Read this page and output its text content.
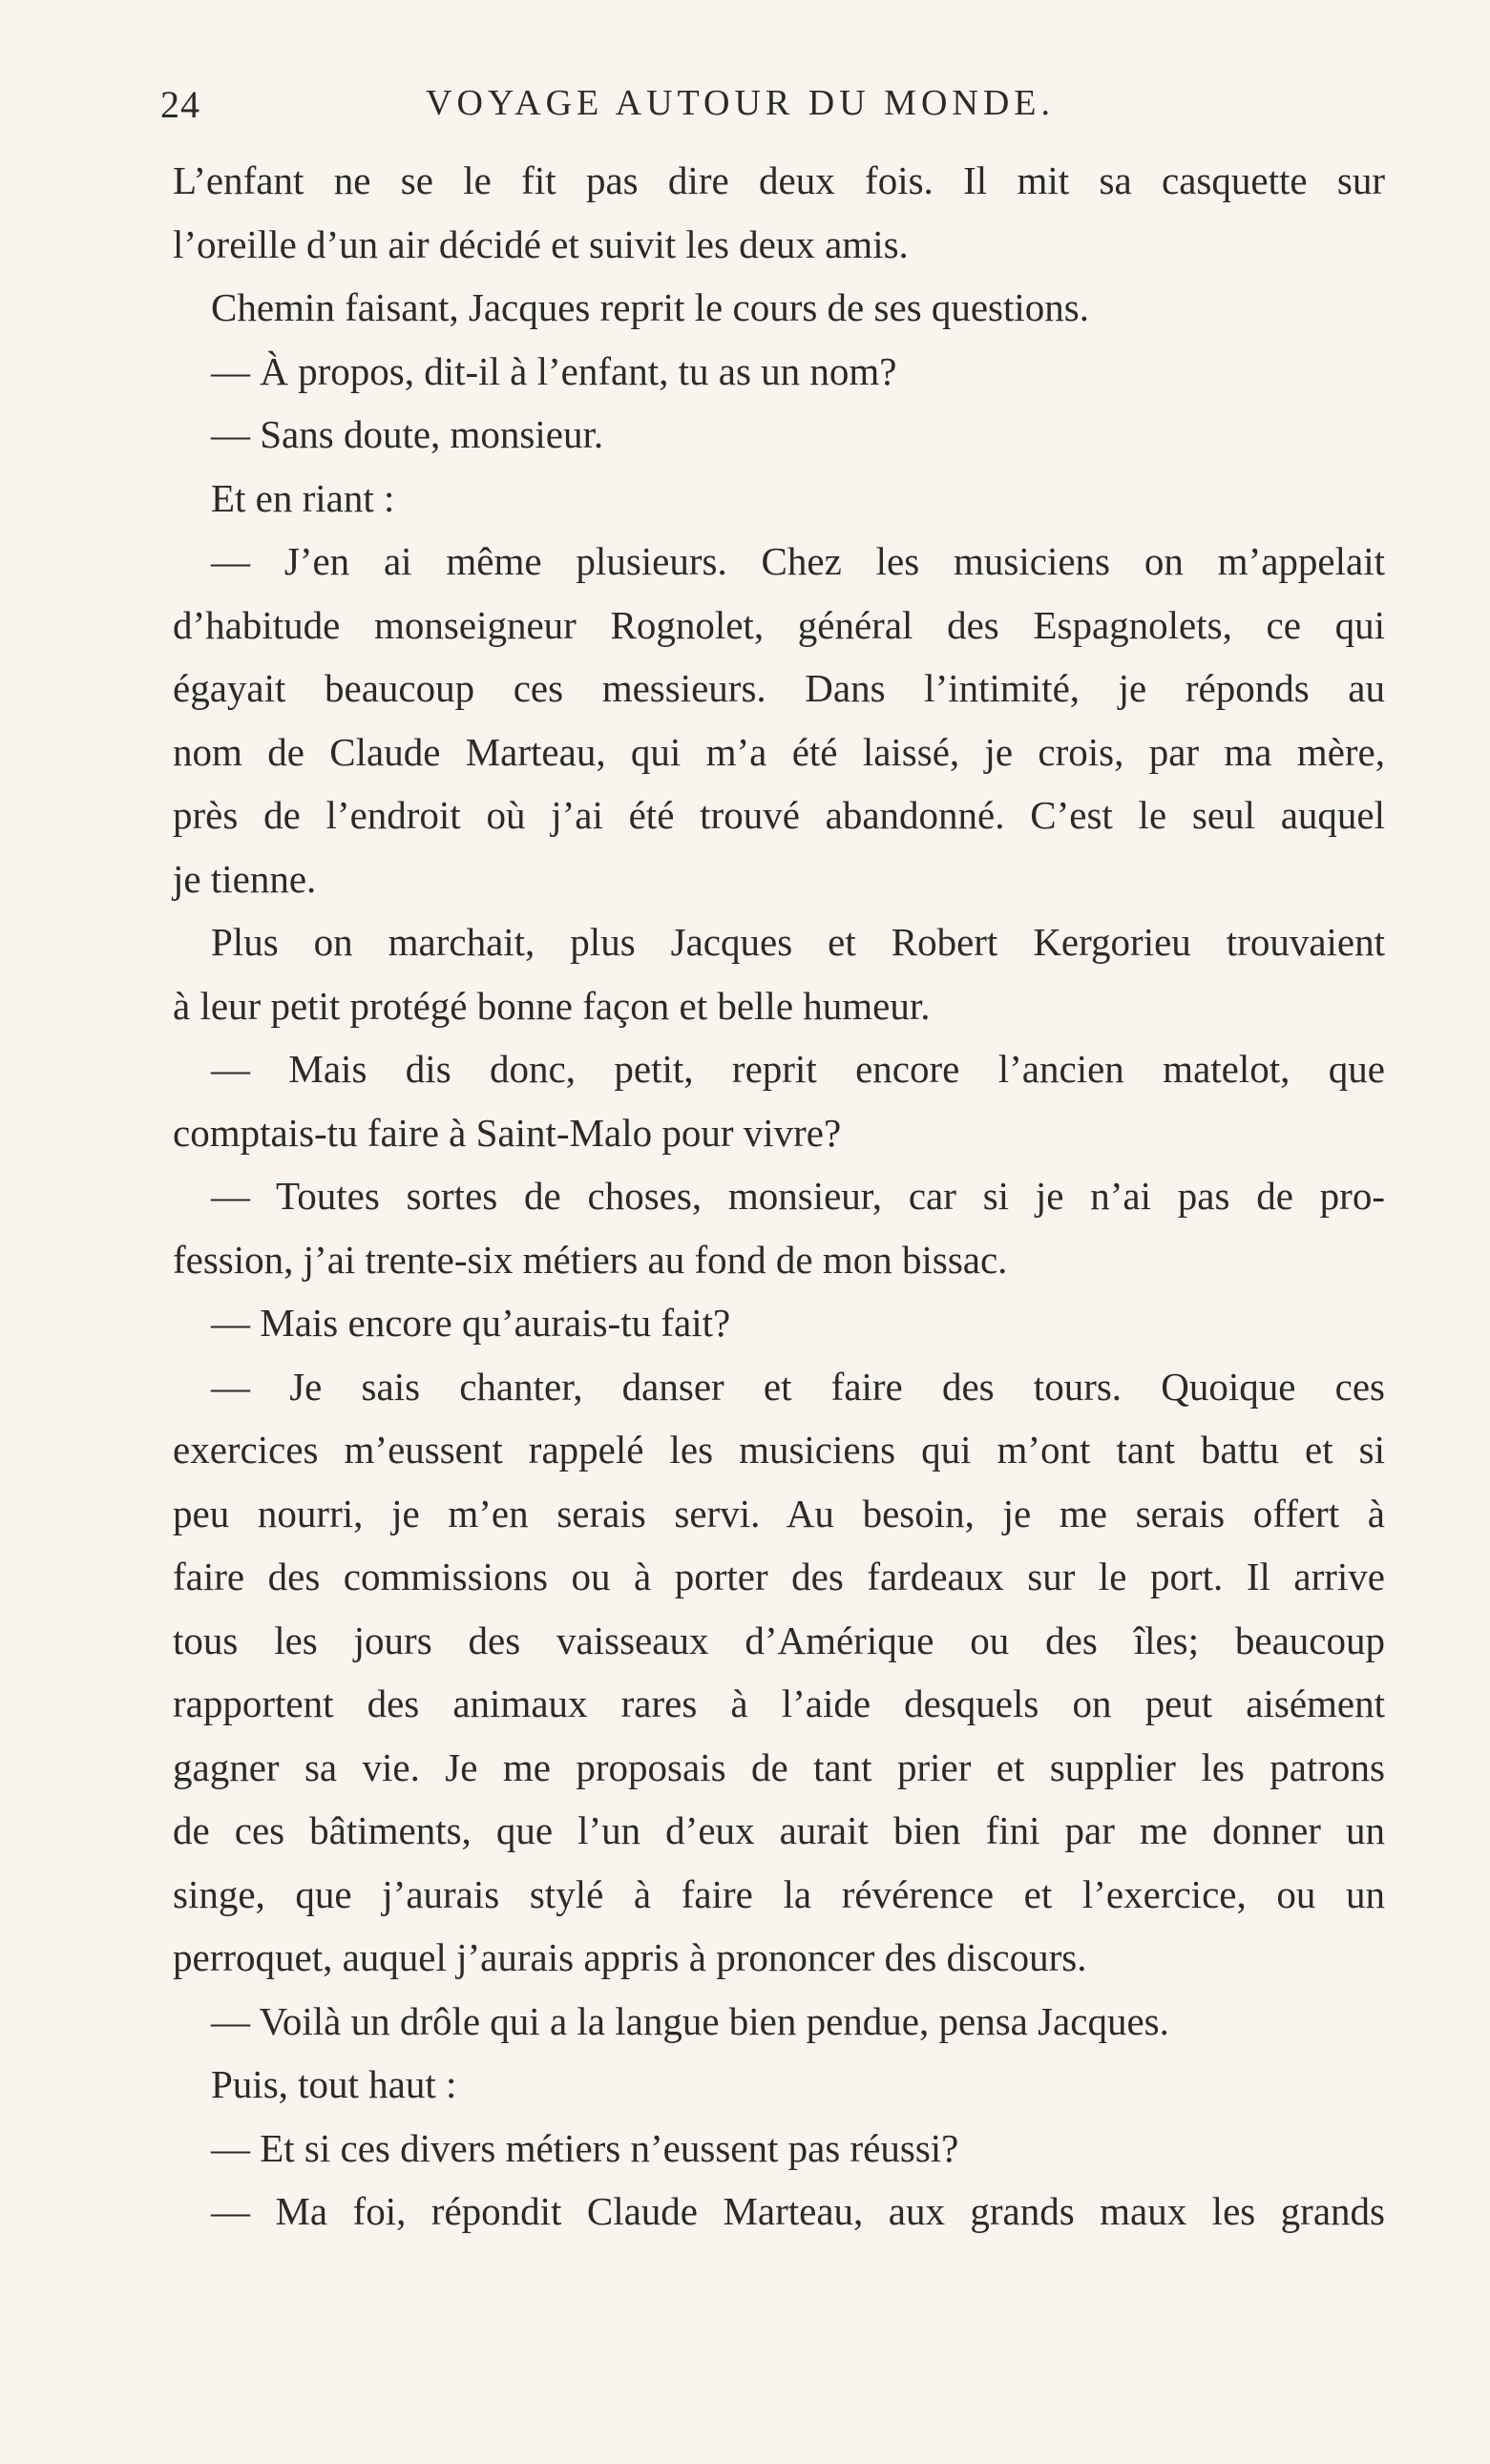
24	VOYAGE AUTOUR DU MONDE.
L’enfant ne se le fit pas dire deux fois. Il mit sa casquette sur
l’oreille d’un air décidé et suivit les deux amis.
Chemin faisant, Jacques reprit le cours de ses questions.
— À propos, dit-il à l’enfant, tu as un nom?
— Sans doute, monsieur.
Et en riant :
— J’en ai même plusieurs. Chez les musiciens on m’appelait
d’habitude monseigneur Rognolet, général des Espagnolets, ce qui
égayait beaucoup ces messieurs. Dans l’intimité, je réponds au
nom de Claude Marteau, qui m’a été laissé, je crois, par ma mère,
près de l’endroit où j’ai été trouvé abandonné. C’est le seul auquel
je tienne.
Plus on marchait, plus Jacques et Robert Kergorieu trouvaient
à leur petit protégé bonne façon et belle humeur.
— Mais dis donc, petit, reprit encore l’ancien matelot, que
comptais-tu faire à Saint-Malo pour vivre?
— Toutes sortes de choses, monsieur, car si je n’ai pas de pro-
fession, j’ai trente-six métiers au fond de mon bissac.
— Mais encore qu’aurais-tu fait?
— Je sais chanter, danser et faire des tours. Quoique ces
exercices m’eussent rappelé les musiciens qui m’ont tant battu et si
peu nourri, je m’en serais servi. Au besoin, je me serais offert à
faire des commissions ou à porter des fardeaux sur le port. Il arrive
tous les jours des vaisseaux d’Amérique ou des îles; beaucoup
rapportent des animaux rares à l’aide desquels on peut aisément
gagner sa vie. Je me proposais de tant prier et supplier les patrons
de ces bâtiments, que l’un d’eux aurait bien fini par me donner un
singe, que j’aurais stylé à faire la révérence et l’exercice, ou un
perroquet, auquel j’aurais appris à prononcer des discours.
— Voilà un drôle qui a la langue bien pendue, pensa Jacques.
Puis, tout haut :
— Et si ces divers métiers n’eussent pas réussi?
— Ma foi, répondit Claude Marteau, aux grands maux les grands
